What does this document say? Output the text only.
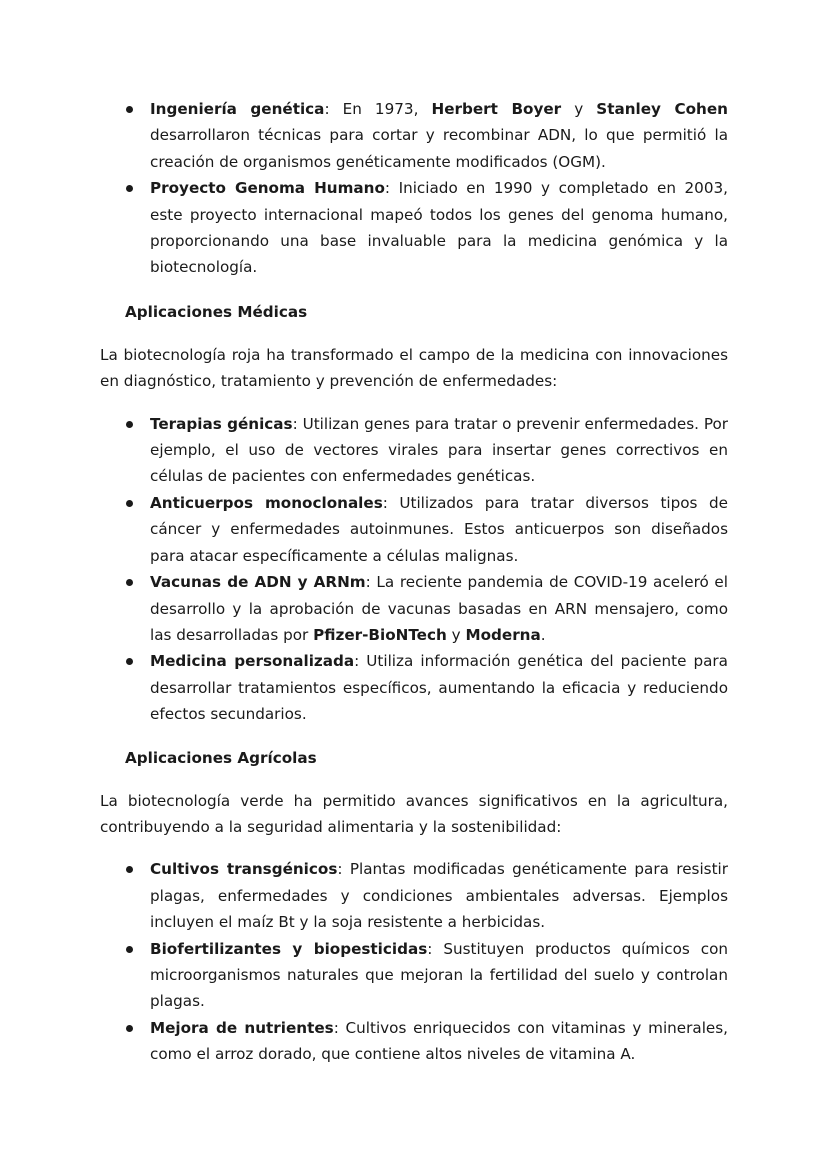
Ingeniería genética: En 1973, Herbert Boyer y Stanley Cohen desarrollaron técnicas para cortar y recombinar ADN, lo que permitió la creación de organismos genéticamente modificados (OGM).
Proyecto Genoma Humano: Iniciado en 1990 y completado en 2003, este proyecto internacional mapeó todos los genes del genoma humano, proporcionando una base invaluable para la medicina genómica y la biotecnología.
Aplicaciones Médicas

La biotecnología roja ha transformado el campo de la medicina con innovaciones en diagnóstico, tratamiento y prevención de enfermedades:

Terapias génicas: Utilizan genes para tratar o prevenir enfermedades. Por ejemplo, el uso de vectores virales para insertar genes correctivos en células de pacientes con enfermedades genéticas.
Anticuerpos monoclonales: Utilizados para tratar diversos tipos de cáncer y enfermedades autoinmunes. Estos anticuerpos son diseñados para atacar específicamente a células malignas.
Vacunas de ADN y ARNm: La reciente pandemia de COVID-19 aceleró el desarrollo y la aprobación de vacunas basadas en ARN mensajero, como las desarrolladas por Pfizer-BioNTech y Moderna.
Medicina personalizada: Utiliza información genética del paciente para desarrollar tratamientos específicos, aumentando la eficacia y reduciendo efectos secundarios.
Aplicaciones Agrícolas

La biotecnología verde ha permitido avances significativos en la agricultura, contribuyendo a la seguridad alimentaria y la sostenibilidad:

Cultivos transgénicos: Plantas modificadas genéticamente para resistir plagas, enfermedades y condiciones ambientales adversas. Ejemplos incluyen el maíz Bt y la soja resistente a herbicidas.
Biofertilizantes y biopesticidas: Sustituyen productos químicos con microorganismos naturales que mejoran la fertilidad del suelo y controlan plagas.
Mejora de nutrientes: Cultivos enriquecidos con vitaminas y minerales, como el arroz dorado, que contiene altos niveles de vitamina A.
